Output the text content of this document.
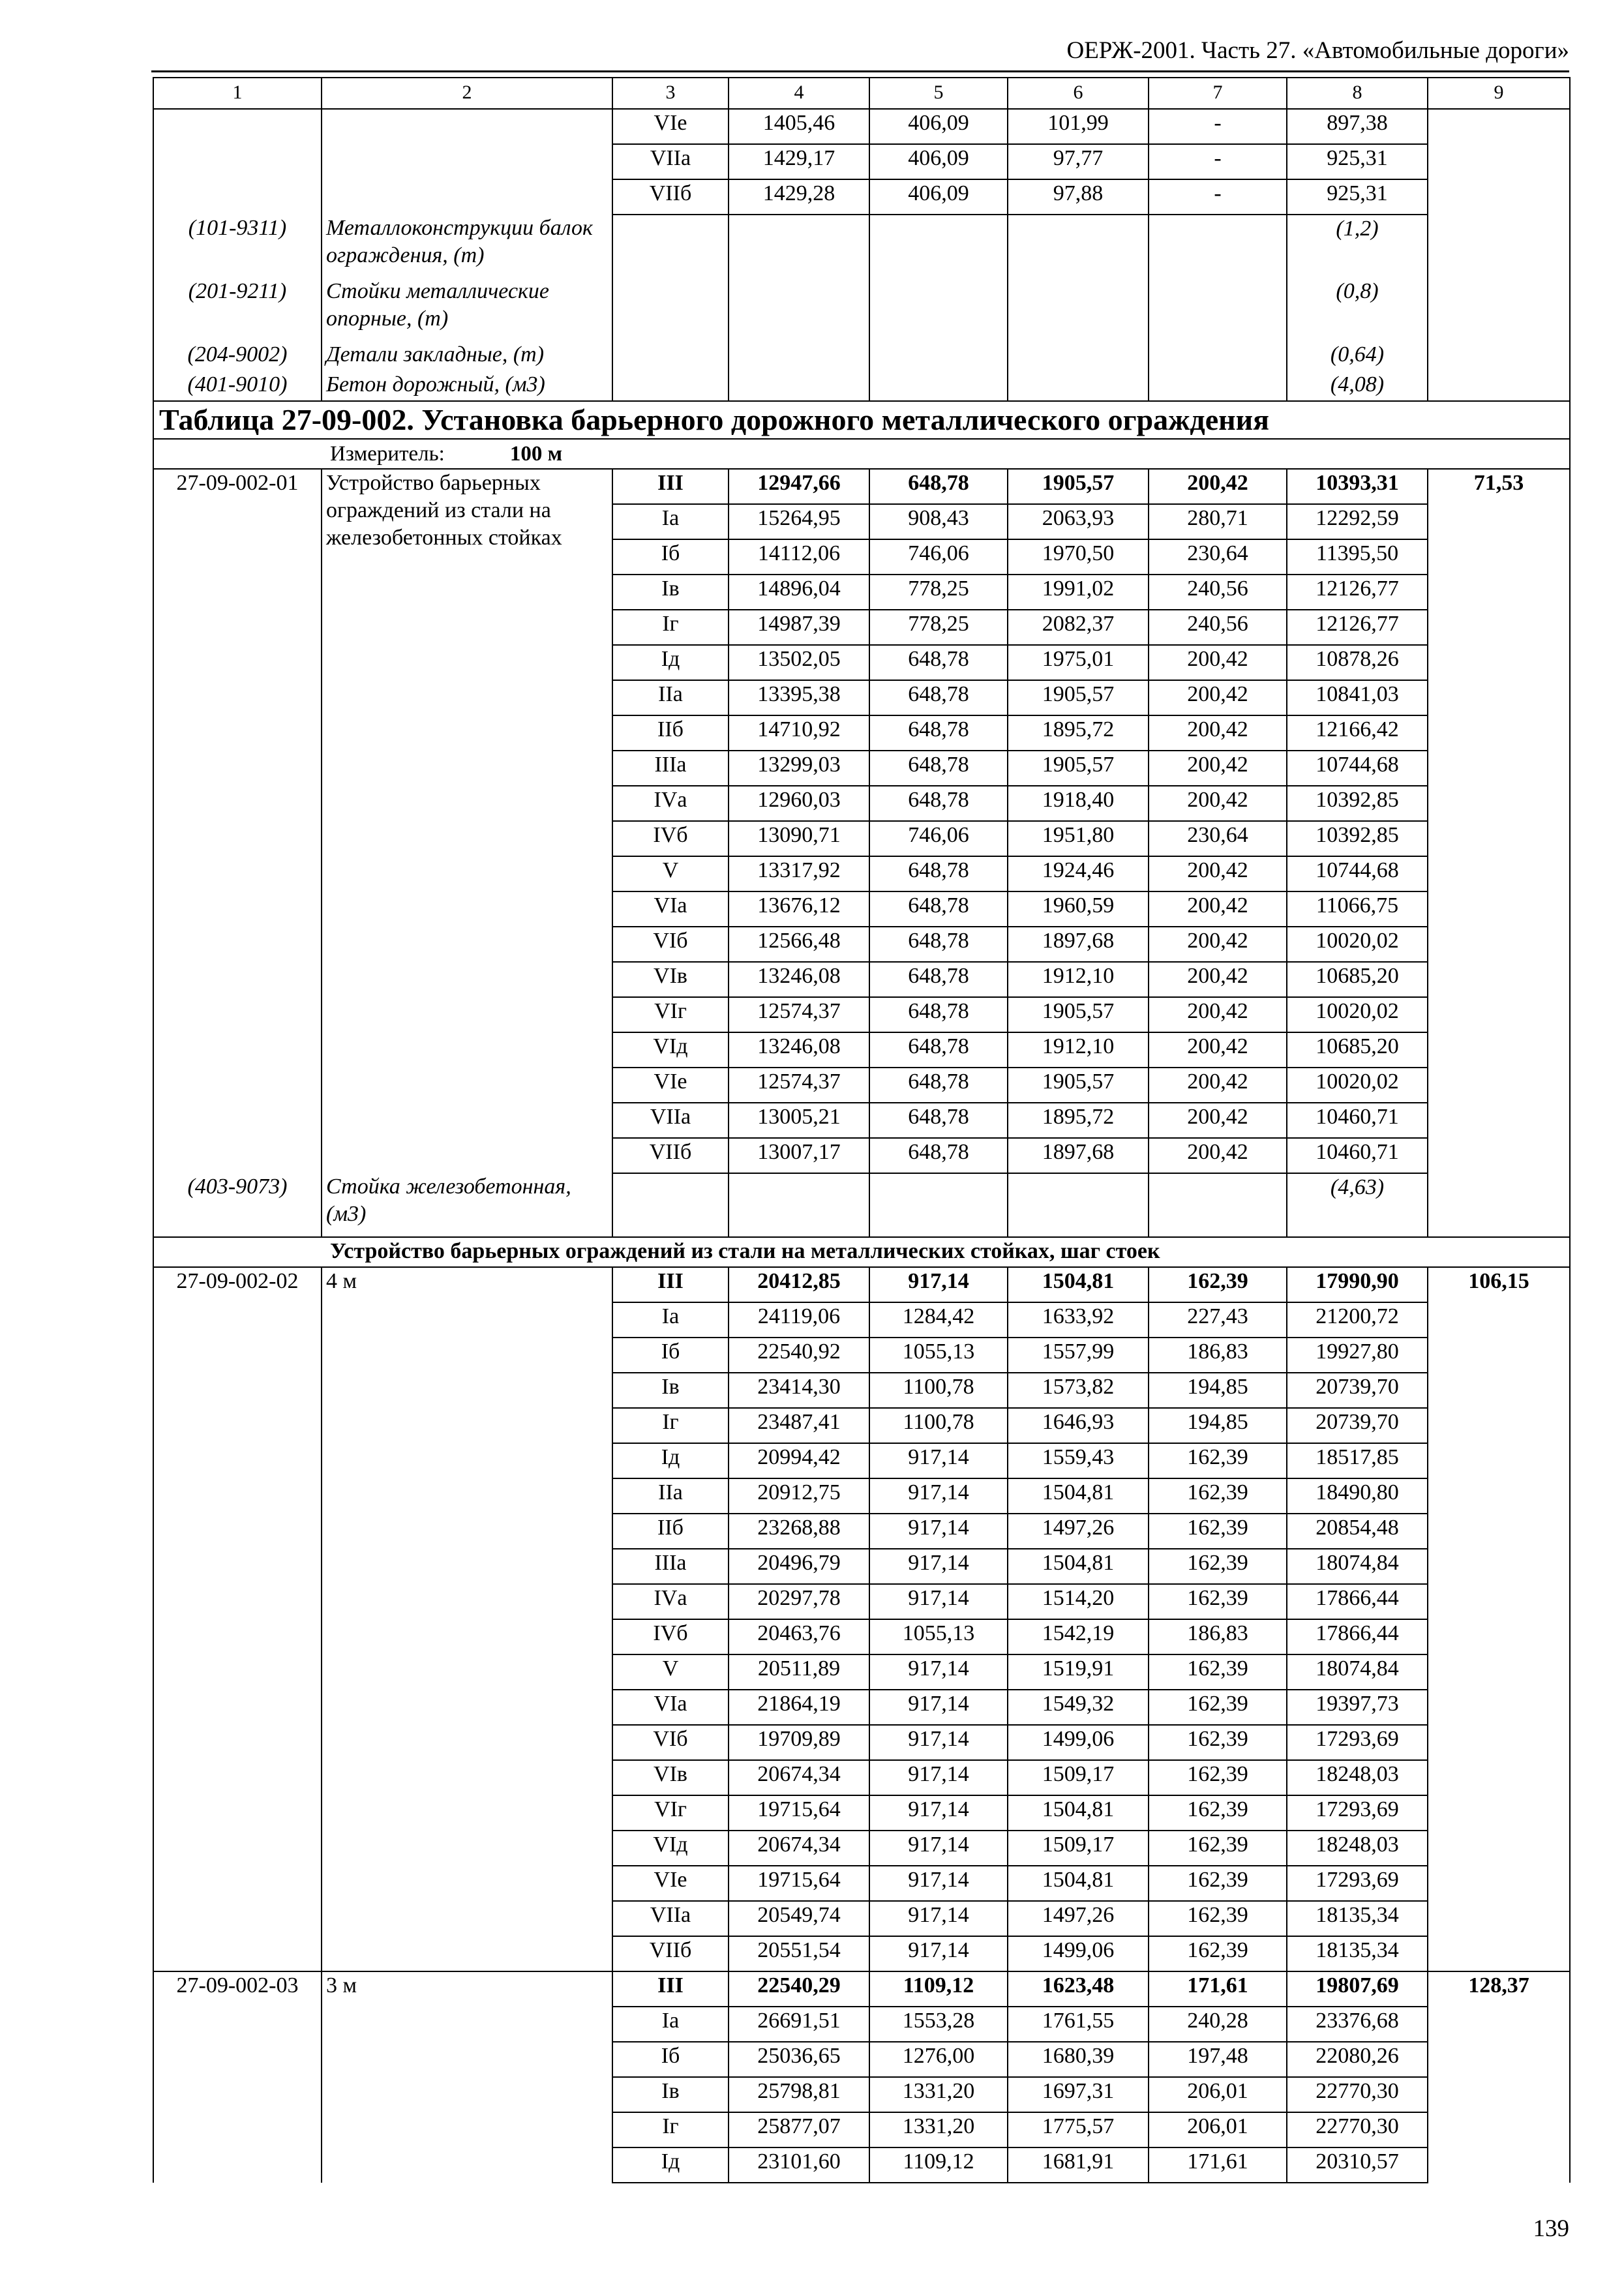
ОЕРЖ-2001. Часть 27. «Автомобильные дороги»
1	2	3	4	5	6	7	8	9
		VIе	1405,46	406,09	101,99	-	897,38	
		VIIа	1429,17	406,09	97,77	-	925,31	
		VIIб	1429,28	406,09	97,88	-	925,31	
(101-9311)	Металлоконструкции балок ограждения, (т)						(1,2)	
(201-9211)	Стойки металлические опорные, (т)						(0,8)	
(204-9002)	Детали закладные, (т)						(0,64)	
(401-9010)	Бетон дорожный, (м3)						(4,08)	
Таблица 27-09-002. Установка барьерного дорожного металлического ограждения								
Измеритель: 100 м								
27-09-002-01	Устройство барьерных ограждений из стали на железобетонных стойках	III	12947,66	648,78	1905,57	200,42	10393,31	71,53
		Iа	15264,95	908,43	2063,93	280,71	12292,59	
		Iб	14112,06	746,06	1970,50	230,64	11395,50	
		Iв	14896,04	778,25	1991,02	240,56	12126,77	
		Iг	14987,39	778,25	2082,37	240,56	12126,77	
		Iд	13502,05	648,78	1975,01	200,42	10878,26	
		IIа	13395,38	648,78	1905,57	200,42	10841,03	
		IIб	14710,92	648,78	1895,72	200,42	12166,42	
		IIIа	13299,03	648,78	1905,57	200,42	10744,68	
		IVа	12960,03	648,78	1918,40	200,42	10392,85	
		IVб	13090,71	746,06	1951,80	230,64	10392,85	
		V	13317,92	648,78	1924,46	200,42	10744,68	
		VIа	13676,12	648,78	1960,59	200,42	11066,75	
		VIб	12566,48	648,78	1897,68	200,42	10020,02	
		VIв	13246,08	648,78	1912,10	200,42	10685,20	
		VIг	12574,37	648,78	1905,57	200,42	10020,02	
		VIд	13246,08	648,78	1912,10	200,42	10685,20	
		VIе	12574,37	648,78	1905,57	200,42	10020,02	
		VIIа	13005,21	648,78	1895,72	200,42	10460,71	
		VIIб	13007,17	648,78	1897,68	200,42	10460,71	
(403-9073)	Стойка железобетонная, (м3)						(4,63)	
Устройство барьерных ограждений из стали на металлических стойках, шаг стоек								
27-09-002-02	4 м	III	20412,85	917,14	1504,81	162,39	17990,90	106,15
		Iа	24119,06	1284,42	1633,92	227,43	21200,72	
		Iб	22540,92	1055,13	1557,99	186,83	19927,80	
		Iв	23414,30	1100,78	1573,82	194,85	20739,70	
		Iг	23487,41	1100,78	1646,93	194,85	20739,70	
		Iд	20994,42	917,14	1559,43	162,39	18517,85	
		IIа	20912,75	917,14	1504,81	162,39	18490,80	
		IIб	23268,88	917,14	1497,26	162,39	20854,48	
		IIIа	20496,79	917,14	1504,81	162,39	18074,84	
		IVа	20297,78	917,14	1514,20	162,39	17866,44	
		IVб	20463,76	1055,13	1542,19	186,83	17866,44	
		V	20511,89	917,14	1519,91	162,39	18074,84	
		VIа	21864,19	917,14	1549,32	162,39	19397,73	
		VIб	19709,89	917,14	1499,06	162,39	17293,69	
		VIв	20674,34	917,14	1509,17	162,39	18248,03	
		VIг	19715,64	917,14	1504,81	162,39	17293,69	
		VIд	20674,34	917,14	1509,17	162,39	18248,03	
		VIе	19715,64	917,14	1504,81	162,39	17293,69	
		VIIа	20549,74	917,14	1497,26	162,39	18135,34	
		VIIб	20551,54	917,14	1499,06	162,39	18135,34	
27-09-002-03	3 м	III	22540,29	1109,12	1623,48	171,61	19807,69	128,37
		Iа	26691,51	1553,28	1761,55	240,28	23376,68	
		Iб	25036,65	1276,00	1680,39	197,48	22080,26	
		Iв	25798,81	1331,20	1697,31	206,01	22770,30	
		Iг	25877,07	1331,20	1775,57	206,01	22770,30	
		Iд	23101,60	1109,12	1681,91	171,61	20310,57	
139
